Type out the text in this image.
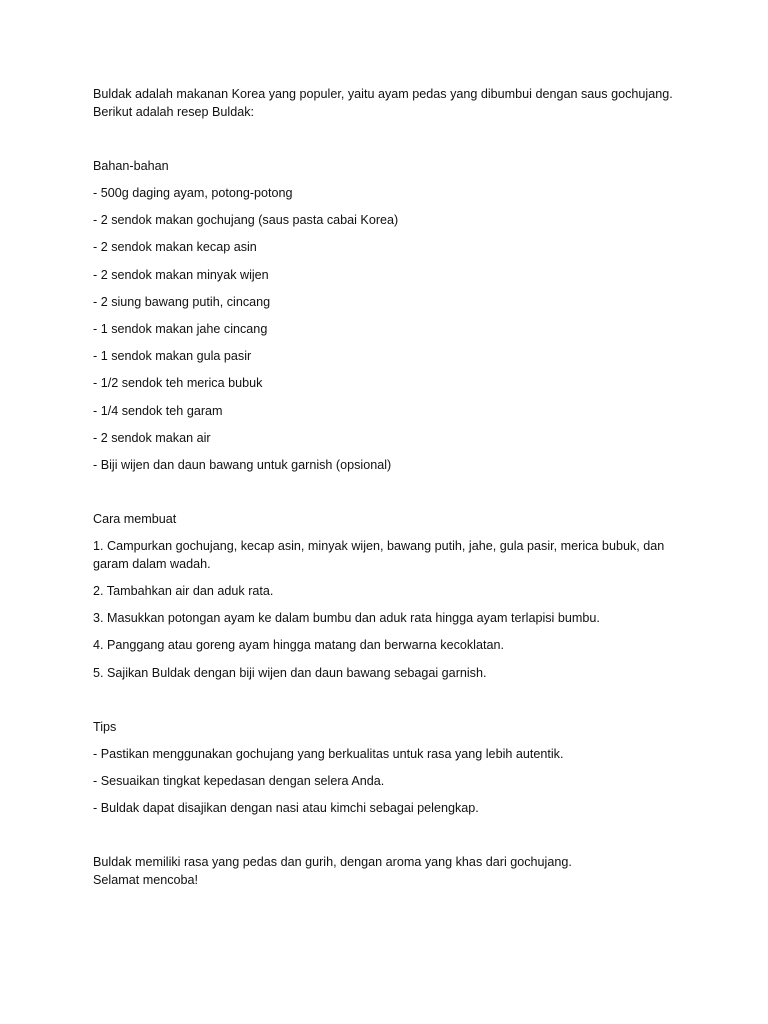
Buldak adalah makanan Korea yang populer, yaitu ayam pedas yang dibumbui dengan saus gochujang. Berikut adalah resep Buldak:

Bahan-bahan

- 500g daging ayam, potong-potong

- 2 sendok makan gochujang (saus pasta cabai Korea)

- 2 sendok makan kecap asin

- 2 sendok makan minyak wijen

- 2 siung bawang putih, cincang

- 1 sendok makan jahe cincang

- 1 sendok makan gula pasir

- 1/2 sendok teh merica bubuk

- 1/4 sendok teh garam

- 2 sendok makan air

- Biji wijen dan daun bawang untuk garnish (opsional)

Cara membuat

1. Campurkan gochujang, kecap asin, minyak wijen, bawang putih, jahe, gula pasir, merica bubuk, dan garam dalam wadah.

2. Tambahkan air dan aduk rata.

3. Masukkan potongan ayam ke dalam bumbu dan aduk rata hingga ayam terlapisi bumbu.

4. Panggang atau goreng ayam hingga matang dan berwarna kecoklatan.

5. Sajikan Buldak dengan biji wijen dan daun bawang sebagai garnish.

Tips

- Pastikan menggunakan gochujang yang berkualitas untuk rasa yang lebih autentik.

- Sesuaikan tingkat kepedasan dengan selera Anda.

- Buldak dapat disajikan dengan nasi atau kimchi sebagai pelengkap.

Buldak memiliki rasa yang pedas dan gurih, dengan aroma yang khas dari gochujang.

Selamat mencoba!
